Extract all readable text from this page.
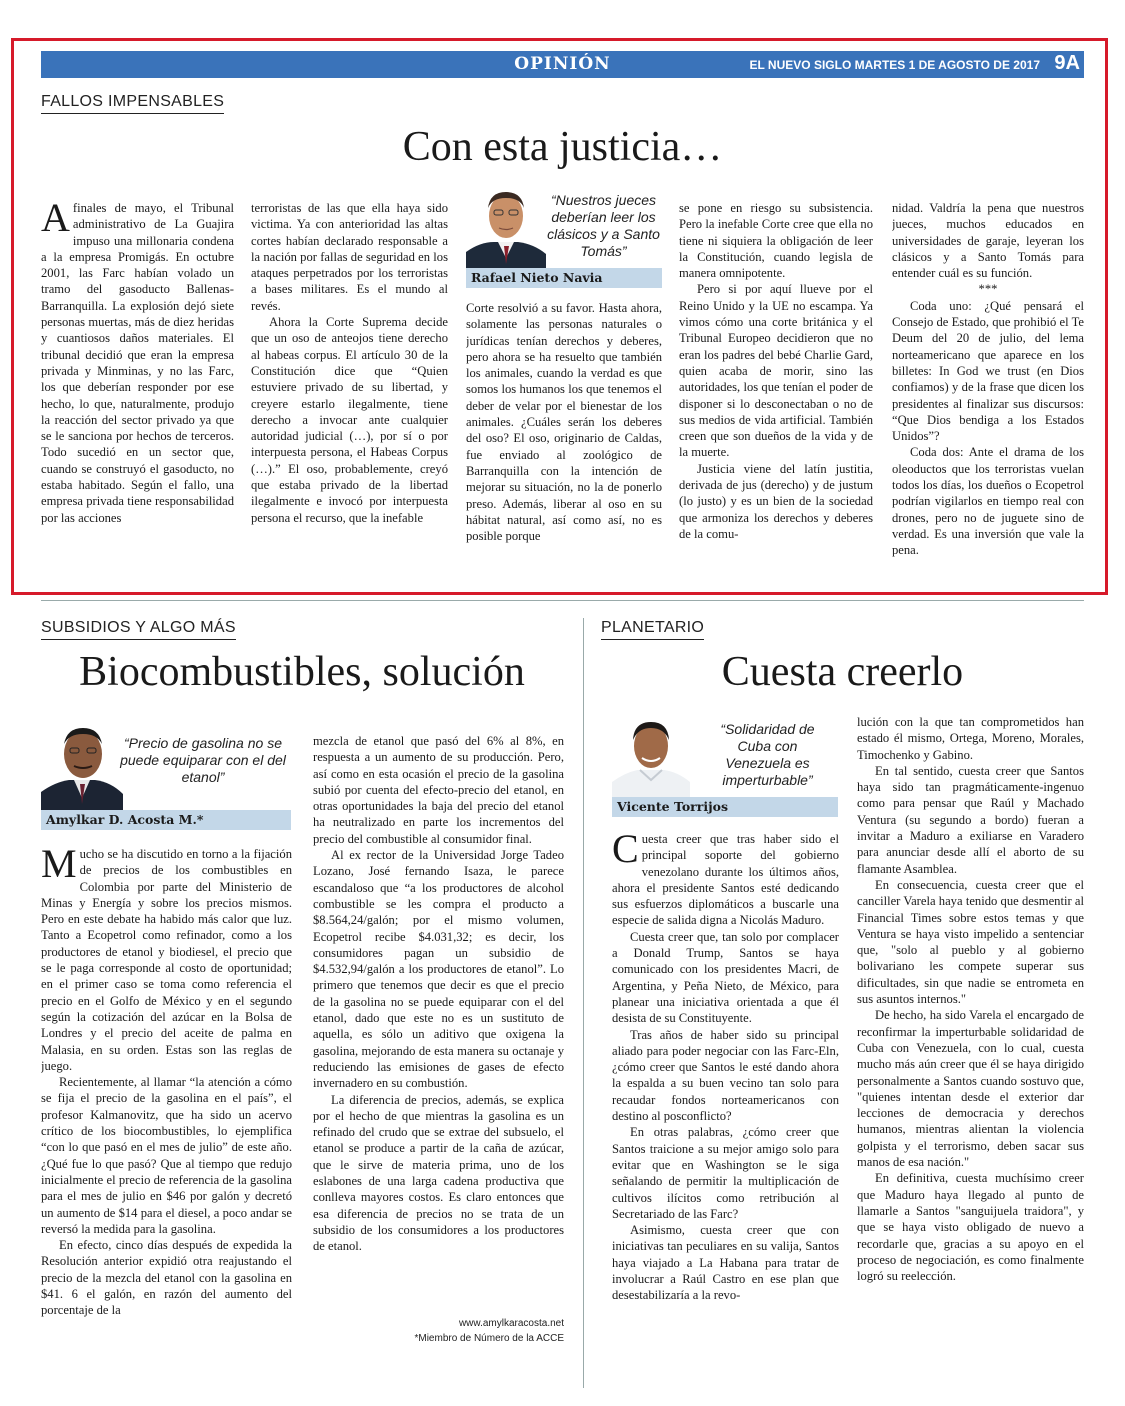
OPINIÓN	EL NUEVO SIGLO MARTES 1 DE AGOSTO DE 2017 9A
FALLOS IMPENSABLES
Con esta justicia…

Afinales de mayo, el Tribunal administrativo de La Guajira impuso una millonaria condena a la empresa Promigás. En octubre 2001, las Farc habían volado un tramo del gasoducto Ballenas-Barranquilla. La explosión dejó siete personas muertas, más de diez heridas y cuantiosos daños materiales. El tribunal decidió que eran la empresa privada y Minminas, y no las Farc, los que deberían responder por ese hecho, lo que, naturalmente, produjo la reacción del sector privado ya que se le sanciona por hechos de terceros. Todo sucedió en un sector que, cuando se construyó el gasoducto, no estaba habitado. Según el fallo, una empresa privada tiene responsabilidad por las acciones

terroristas de las que ella haya sido victima. Ya con anterioridad las altas cortes habían declarado responsable a la nación por fallas de seguridad en los ataques perpetrados por los terroristas a bases militares. Es el mundo al revés.

Ahora la Corte Suprema decide que un oso de anteojos tiene derecho al habeas corpus. El artículo 30 de la Constitución dice que “Quien estuviere privado de su libertad, y creyere estarlo ilegalmente, tiene derecho a invocar ante cualquier autoridad judicial (…), por sí o por interpuesta persona, el Habeas Corpus (…).” El oso, probablemente, creyó que estaba privado de la libertad ilegalmente e invocó por interpuesta persona el recurso, que la inefable

“Nuestros jueces deberían leer los clásicos y a Santo Tomás”
Rafael Nieto Navia

Corte resolvió a su favor. Hasta ahora, solamente las personas naturales o jurídicas tenían derechos y deberes, pero ahora se ha resuelto que también los animales, cuando la verdad es que somos los humanos los que tenemos el deber de velar por el bienestar de los animales. ¿Cuáles serán los deberes del oso? El oso, originario de Caldas, fue enviado al zoológico de Barranquilla con la intención de mejorar su situación, no la de ponerlo preso. Además, liberar al oso en su hábitat natural, así como así, no es posible porque

se pone en riesgo su subsistencia. Pero la inefable Corte cree que ella no tiene ni siquiera la obligación de leer la Constitución, cuando legisla de manera omnipotente.

Pero si por aquí llueve por el Reino Unido y la UE no escampa. Ya vimos cómo una corte británica y el Tribunal Europeo decidieron que no eran los padres del bebé Charlie Gard, quien acaba de morir, sino las autoridades, los que tenían el poder de disponer si lo desconectaban o no de sus medios de vida artificial. También creen que son dueños de la vida y de la muerte.

Justicia viene del latín justitia, derivada de jus (derecho) y de justum (lo justo) y es un bien de la sociedad que armoniza los derechos y deberes de la comu-

nidad. Valdría la pena que nuestros jueces, muchos educados en universidades de garaje, leyeran los clásicos y a Santo Tomás para entender cuál es su función.

***

Coda uno: ¿Qué pensará el Consejo de Estado, que prohibió el Te Deum del 20 de julio, del lema norteamericano que aparece en los billetes: In God we trust (en Dios confiamos) y de la frase que dicen los presidentes al finalizar sus discursos: “Que Dios bendiga a los Estados Unidos”?

Coda dos: Ante el drama de los oleoductos que los terroristas vuelan todos los días, los dueños o Ecopetrol podrían vigilarlos en tiempo real con drones, pero no de juguete sino de verdad. Es una inversión que vale la pena.

SUBSIDIOS Y ALGO MÁS
Biocombustibles, solución
“Precio de gasolina no se puede equiparar con el del etanol”
Amylkar D. Acosta M.*

Mucho se ha discutido en torno a la fijación de precios de los combustibles en Colombia por parte del Ministerio de Minas y Energía y sobre los precios mismos. Pero en este debate ha habido más calor que luz. Tanto a Ecopetrol como refinador, como a los productores de etanol y biodiesel, el precio que se le paga corresponde al costo de oportunidad; en el primer caso se toma como referencia el precio en el Golfo de México y en el segundo según la cotización del azúcar en la Bolsa de Londres y el precio del aceite de palma en Malasia, en su orden. Estas son las reglas de juego.

Recientemente, al llamar “la atención a cómo se fija el precio de la gasolina en el país”, el profesor Kalmanovitz, que ha sido un acervo crítico de los biocombustibles, lo ejemplifica “con lo que pasó en el mes de julio” de este año. ¿Qué fue lo que pasó? Que al tiempo que redujo inicialmente el precio de referencia de la gasolina para el mes de julio en $46 por galón y decretó un aumento de $14 para el diesel, a poco andar se reversó la medida para la gasolina.

En efecto, cinco días después de expedida la Resolución anterior expidió otra reajustando el precio de la mezcla del etanol con la gasolina en $41. 6 el galón, en razón del aumento del porcentaje de la

mezcla de etanol que pasó del 6% al 8%, en respuesta a un aumento de su producción. Pero, así como en esta ocasión el precio de la gasolina subió por cuenta del efecto-precio del etanol, en otras oportunidades la baja del precio del etanol ha neutralizado en parte los incrementos del precio del combustible al consumidor final.

Al ex rector de la Universidad Jorge Tadeo Lozano, José fernando Isaza, le parece escandaloso que “a los productores de alcohol combustible se les compra el producto a $8.564,24/galón; por el mismo volumen, Ecopetrol recibe $4.031,32; es decir, los consumidores pagan un subsidio de $4.532,94/galón a los productores de etanol”. Lo primero que tenemos que decir es que el precio de la gasolina no se puede equiparar con el del etanol, dado que este no es un sustituto de aquella, es sólo un aditivo que oxigena la gasolina, mejorando de esta manera su octanaje y reduciendo las emisiones de gases de efecto invernadero en su combustión.

La diferencia de precios, además, se explica por el hecho de que mientras la gasolina es un refinado del crudo que se extrae del subsuelo, el etanol se produce a partir de la caña de azúcar, que le sirve de materia prima, uno de los eslabones de una larga cadena productiva que conlleva mayores costos. Es claro entonces que esa diferencia de precios no se trata de un subsidio de los consumidores a los productores de etanol.

www.amylkaracosta.net
*Miembro de Número de la ACCE
PLANETARIO
Cuesta creerlo
“Solidaridad de Cuba con Venezuela es imperturbable”
Vicente Torrijos

Cuesta creer que tras haber sido el principal soporte del gobierno venezolano durante los últimos años, ahora el presidente Santos esté dedicando sus esfuerzos diplomáticos a buscarle una especie de salida digna a Nicolás Maduro.

Cuesta creer que, tan solo por complacer a Donald Trump, Santos se haya comunicado con los presidentes Macri, de Argentina, y Peña Nieto, de México, para planear una iniciativa orientada a que él desista de su Constituyente.

Tras años de haber sido su principal aliado para poder negociar con las Farc-Eln, ¿cómo creer que Santos le esté dando ahora la espalda a su buen vecino tan solo para recaudar fondos norteamericanos con destino al posconflicto?

En otras palabras, ¿cómo creer que Santos traicione a su mejor amigo solo para evitar que en Washington se le siga señalando de permitir la multiplicación de cultivos ilícitos como retribución al Secretariado de las Farc?

Asimismo, cuesta creer que con iniciativas tan peculiares en su valija, Santos haya viajado a La Habana para tratar de involucrar a Raúl Castro en ese plan que desestabilizaría a la revo-

lución con la que tan comprometidos han estado él mismo, Ortega, Moreno, Morales, Timochenko y Gabino.

En tal sentido, cuesta creer que Santos haya sido tan pragmáticamente-ingenuo como para pensar que Raúl y Machado Ventura (su segundo a bordo) fueran a invitar a Maduro a exiliarse en Varadero para anunciar desde allí el aborto de su flamante Asamblea.

En consecuencia, cuesta creer que el canciller Varela haya tenido que desmentir al Financial Times sobre estos temas y que Ventura se haya visto impelido a sentenciar que, "solo al pueblo y al gobierno bolivariano les compete superar sus dificultades, sin que nadie se entrometa en sus asuntos internos."

De hecho, ha sido Varela el encargado de reconfirmar la imperturbable solidaridad de Cuba con Venezuela, con lo cual, cuesta mucho más aún creer que él se haya dirigido personalmente a Santos cuando sostuvo que, "quienes intentan desde el exterior dar lecciones de democracia y derechos humanos, mientras alientan la violencia golpista y el terrorismo, deben sacar sus manos de esa nación."

En definitiva, cuesta muchísimo creer que Maduro haya llegado al punto de llamarle a Santos "sanguijuela traidora", y que se haya visto obligado de nuevo a recordarle que, gracias a su apoyo en el proceso de negociación, es como finalmente logró su reelección.
